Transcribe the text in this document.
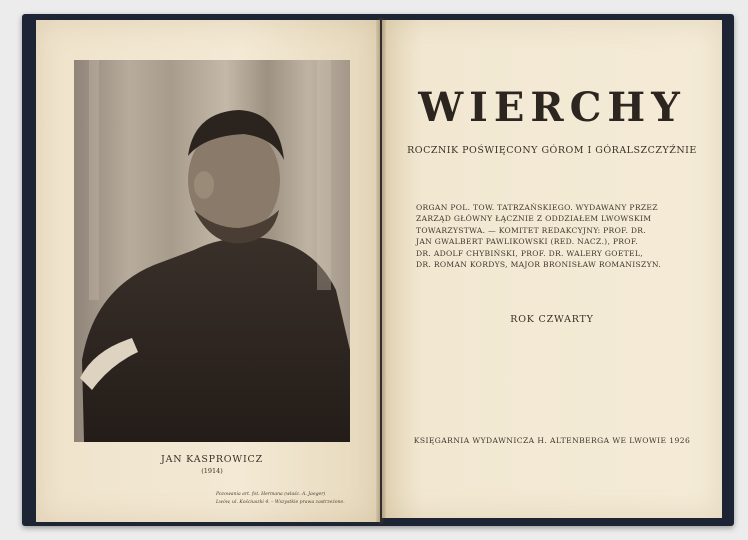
JAN KASPROWICZ
(1914)
Pozowania art. fot. Hermana (wlaśc. A. Jaeger)
Lwów, ul. Kościuszki 4. – Wszystkie prawa zastrzeżone.
WIERCHY
ROCZNIK POŚWIĘCONY GÓROM I GÓRALSZCZYŹNIE
ORGAN POL. TOW. TATRZAŃSKIEGO. WYDAWANY PRZEZ
ZARZĄD GŁÓWNY ŁĄCZNIE Z ODDZIAŁEM LWOWSKIM
TOWARZYSTWA. — KOMITET REDAKCYJNY: PROF. DR.
JAN GWALBERT PAWLIKOWSKI (RED. NACZ.), PROF.
DR. ADOLF CHYBIŃSKI, PROF. DR. WALERY GOETEL,
DR. ROMAN KORDYS, MAJOR BRONISŁAW ROMANISZYN.
ROK CZWARTY
KSIĘGARNIA WYDAWNICZA H. ALTENBERGA WE LWOWIE 1926
